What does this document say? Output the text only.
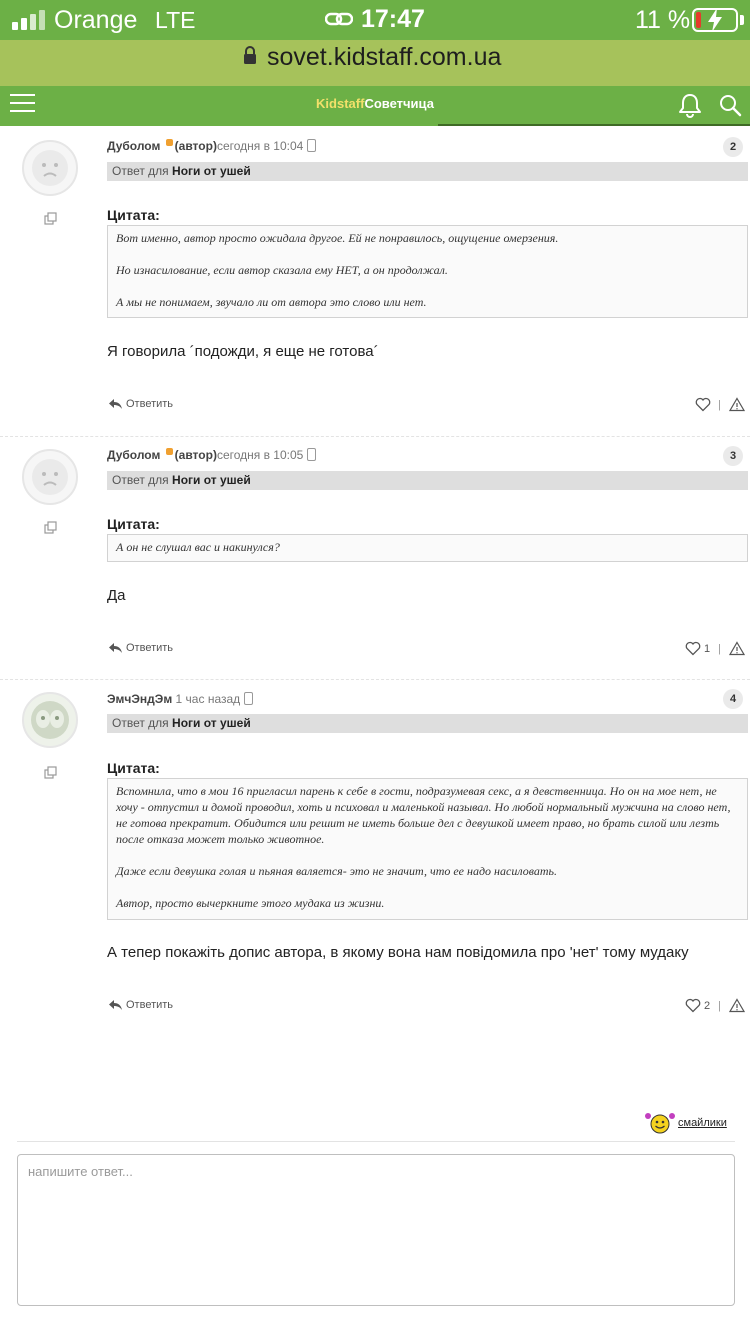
Orange LTE	17:47	11 %
sovet.kidstaff.com.ua
KidstaffСоветчица
Дуболом (автор)сегодня в 10:04	2
Ответ для Ноги от ушей
Цитата:

Вот именно, автор просто ожидала другое. Ей не понравилось, ощущение омерзения.

Но изнасилование, если автор сказала ему НЕТ, а он продолжал.

А мы не понимаем, звучало ли от автора это слово или нет.

Я говорила ´подожди, я еще не готова´
Ответить	|
Дуболом (автор)сегодня в 10:05	3
Ответ для Ноги от ушей
Цитата:

А он не слушал вас и накинулся?

Да
Ответить	1 |
ЭмчЭндЭм 1 час назад	4
Ответ для Ноги от ушей
Цитата:

Вспомнила, что в мои 16 пригласил парень к себе в гости, подразумевая секс, а я девственница. Но он на мое нет, не хочу - отпустил и домой проводил, хоть и психовал и маленькой называл. Но любой нормальный мужчина на слово нет, не готова прекратит. Обидится или решит не иметь больше дел с девушкой имеет право, но брать силой или лезть после отказа может только животное.

Даже если девушка голая и пьяная валяется- это не значит, что ее надо насиловать.

Автор, просто вычеркните этого мудака из жизни.

А тепер покажіть допис автора, в якому вона нам повідомила про 'нет' тому мудаку
Ответить	2 |
смайлики
напишите ответ...
